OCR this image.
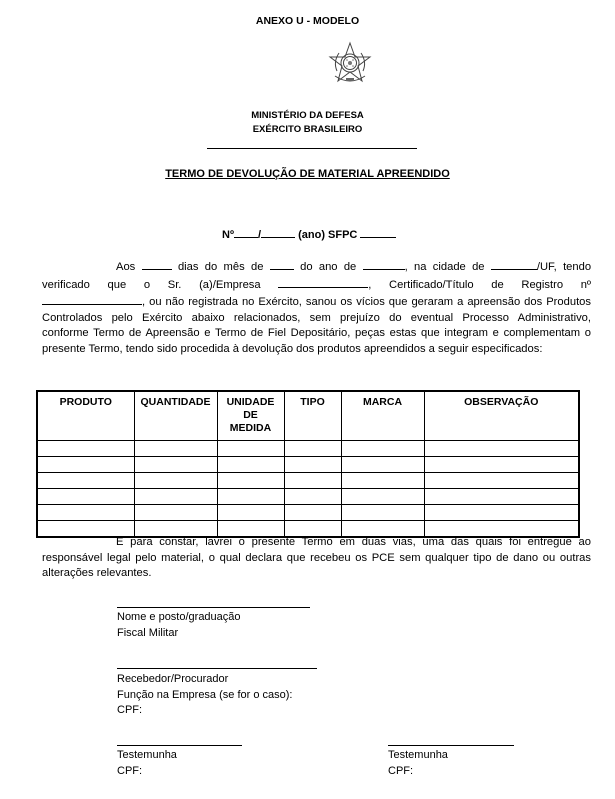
ANEXO U - MODELO
MINISTÉRIO DA DEFESA
EXÉRCITO BRASILEIRO
TERMO DE DEVOLUÇÃO DE MATERIAL APREENDIDO
Nº /	(ano) SFPC
Aos	dias do mês de	do ano de	, na cidade de	/UF, tendo
verificado que o Sr. (a)/Empresa	, Certificado/Título de Registro nº
, ou não registrada no Exército, sanou os vícios que geraram a apreensão dos Produtos
Controlados pelo Exército abaixo relacionados, sem prejuízo do eventual Processo Administrativo,
conforme Termo de Apreensão e Termo de Fiel Depositário, peças estas que integram e complementam o
presente Termo, tendo sido procedida à devolução dos produtos apreendidos a seguir especificados:
PRODUTO	QUANTIDADE	UNIDADE DE MEDIDA	TIPO	MARCA	OBSERVAÇÃO

E para constar, lavrei o presente Termo em duas vias, uma das quais foi entregue ao
responsável legal pelo material, o qual declara que recebeu os PCE sem qualquer tipo de dano ou outras
alterações relevantes.
Nome e posto/graduação
Fiscal Militar
Recebedor/Procurador
Função na Empresa (se for o caso):
CPF:
Testemunha
CPF:
Testemunha
CPF:
